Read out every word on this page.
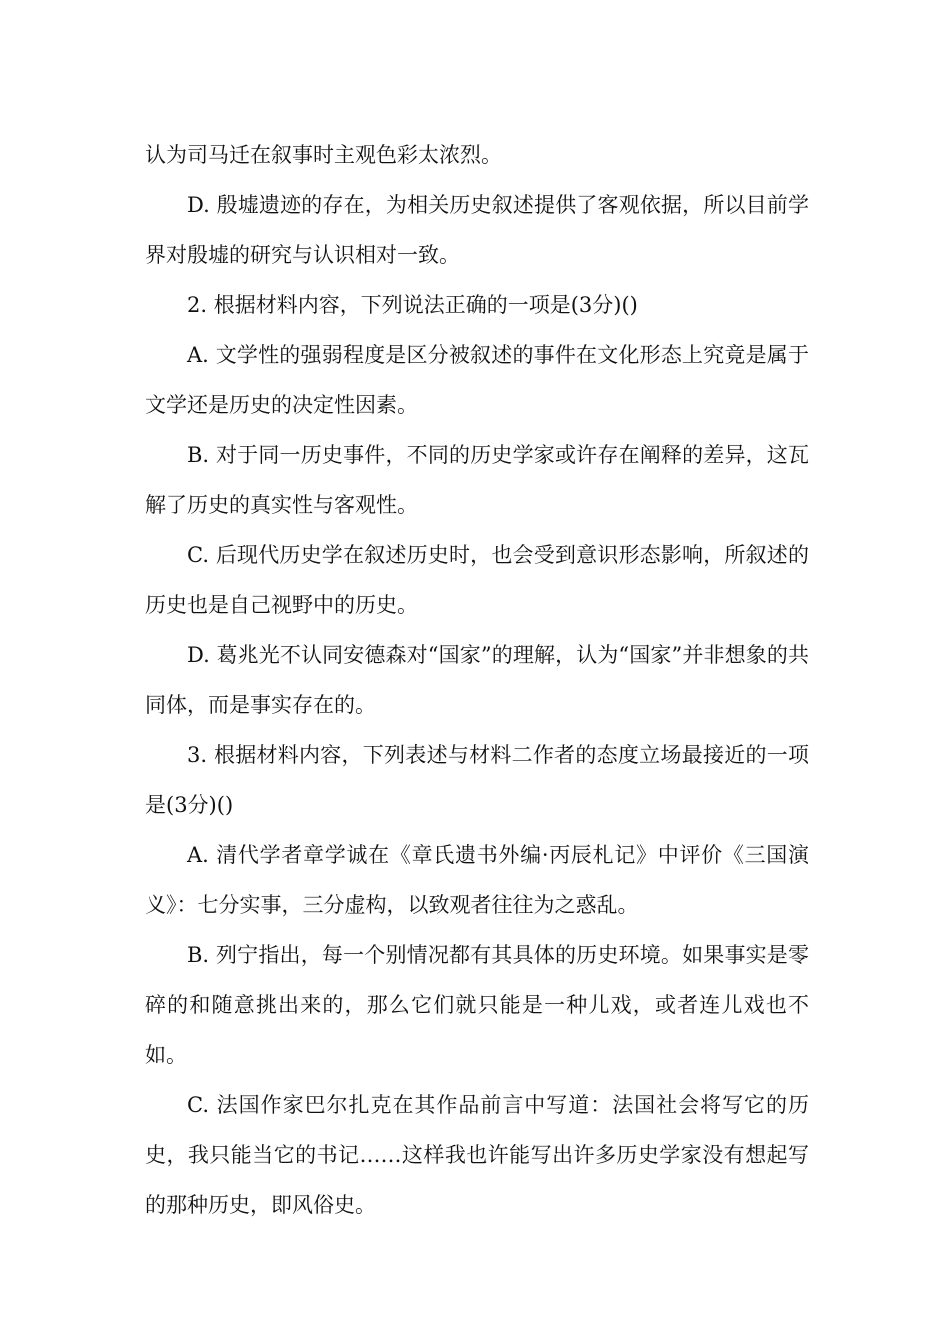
认为司马迁在叙事时主观色彩太浓烈。

D. 殷墟遗迹的存在，为相关历史叙述提供了客观依据，所以目前学界对殷墟的研究与认识相对一致。

2. 根据材料内容，下列说法正确的一项是(3分)()

A. 文学性的强弱程度是区分被叙述的事件在文化形态上究竟是属于文学还是历史的决定性因素。

B. 对于同一历史事件，不同的历史学家或许存在阐释的差异，这瓦解了历史的真实性与客观性。

C. 后现代历史学在叙述历史时，也会受到意识形态影响，所叙述的历史也是自己视野中的历史。

D. 葛兆光不认同安德森对“国家”的理解，认为“国家”并非想象的共同体，而是事实存在的。

3. 根据材料内容，下列表述与材料二作者的态度立场最接近的一项是(3分)()

A. 清代学者章学诚在《章氏遗书外编·丙辰札记》中评价《三国演义》：七分实事，三分虚构，以致观者往往为之惑乱。

B. 列宁指出，每一个别情况都有其具体的历史环境。如果事实是零碎的和随意挑出来的，那么它们就只能是一种儿戏，或者连儿戏也不如。

C. 法国作家巴尔扎克在其作品前言中写道：法国社会将写它的历史，我只能当它的书记……这样我也许能写出许多历史学家没有想起写的那种历史，即风俗史。
